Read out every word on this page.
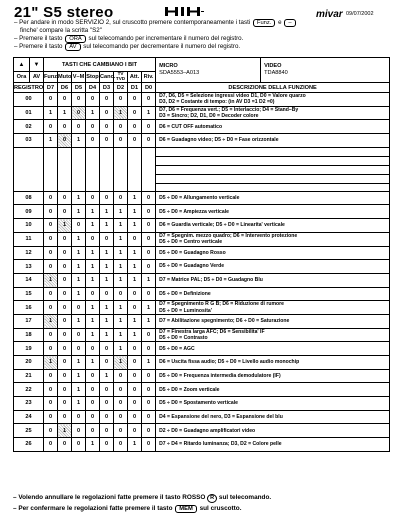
21" S5 stereo	mivar 09/07/2002
– Per andare in modo SERVIZIO 2, sul cruscotto premere contemporaneamente i tasti Funz. e –
finche' compare la scritta "S2"
– Premere il tasto ORA sul telecomando per incrementare il numero del registro.
– Premere il tasto AV sul telecomando per decrementare il numero del registro.
▲	▼	TASTI CHE CAMBIANO I BIT								MICRO
SDA5553–A013	VIDEO
TDA8840
Ora	AV	Funz.	Muto	V–M	Stop	Canc.	TV TVD	Att.	Riv.		
REGISTRO		D7	D6	D5	D4	D3	D2	D1	D0	DESCRIZIONE DELLA FUNZIONE	
00		0	0	0	0	0	0	0	0	D7, D6, D5 = Selezione ingressi video D1, D0 = Valore quarzo
D3, D2 = Costante di tempo: (in AV D3 =1 D2 =0)	

01		1	1	0	1	0	1	0	1	D7, D6 = Frequenza vert.; D5 = Interlaccio; D4 = Stand–By
D3 = Sincro; D2, D1, D0 = Decoder colore	

02		0	0	0	0	0	0	0	0	D6 = CUT OFF automatico	

03		1	0	1	0	0	0	0	0	D6 = Guadagno video; D5 ÷ D0 = Fase orizzontale	

08		0	0	1	0	0	0	1	0	D5 ÷ D0 = Allungamento verticale	

09		0	0	1	1	1	1	1	0	D5 ÷ D0 = Ampiezza verticale	

10		0	1	0	1	1	1	1	0	D6 = Guardia verticale; D5 ÷ D0 = Linearita' verticale	

11		0	0	1	0	0	1	0	0	D7 = Spegnim. mezzo quadro; D6 = Intervento protezione
D5 ÷ D0 = Centro verticale	

12		0	0	1	1	1	1	1	0	D5 ÷ D0 = Guadagno Rosso	

13		0	0	1	1	1	1	1	0	D5 ÷ D0 = Guadagno Verde	

14		1	0	1	1	1	1	1	1	D7 = Matrice PAL; D5 ÷ D0 = Guadagno Blu	

15		0	0	1	0	0	0	0	0	D5 ÷ D0 = Definizione	

16		0	0	0	1	1	1	0	1	D7 = Spegnimento R G B; D6 = Riduzione di rumore
D5 ÷ D0 = Luminosita'	

17		1	0	1	1	1	1	1	1	D7 = Abilitazione spegnimento; D6 ÷ D0 = Saturazione	

18		0	0	0	1	1	1	1	0	D7 = Finestra larga AFC; D6 = Sensibilita' IF
D5 ÷ D0 = Contrasto	

19		0	0	0	0	0	1	0	0	D5 ÷ D0 = AGC	

20		1	0	1	1	0	1	0	1	D6 = Uscita fissa audio; D5 ÷ D0 = Livello audio monochip	

21		0	0	1	0	1	0	0	0	D5 ÷ D0 = Frequenza intermedia demodulatore (IF)	

22		0	0	1	0	0	0	0	0	D5 ÷ D0 = Zoom verticale	

23		0	0	1	0	0	0	0	0	D5 ÷ D0 = Spostamento verticale	

24		0	0	0	0	0	0	0	0	D4 = Espansione del nero, D3 = Espansione del blu	

25		0	1	0	0	0	0	0	0	D2 ÷ D0 = Guadagno amplificatori video	

26		0	0	0	1	0	0	1	0	D7 ÷ D4 = Ritardo luminanza; D3, D2 = Colore pelle	
– Volendo annullare le regolazioni fatte premere il tasto ROSSO R sul telecomando.
– Per confermare le regolazioni fatte premere il tasto MEM sul cruscotto.
